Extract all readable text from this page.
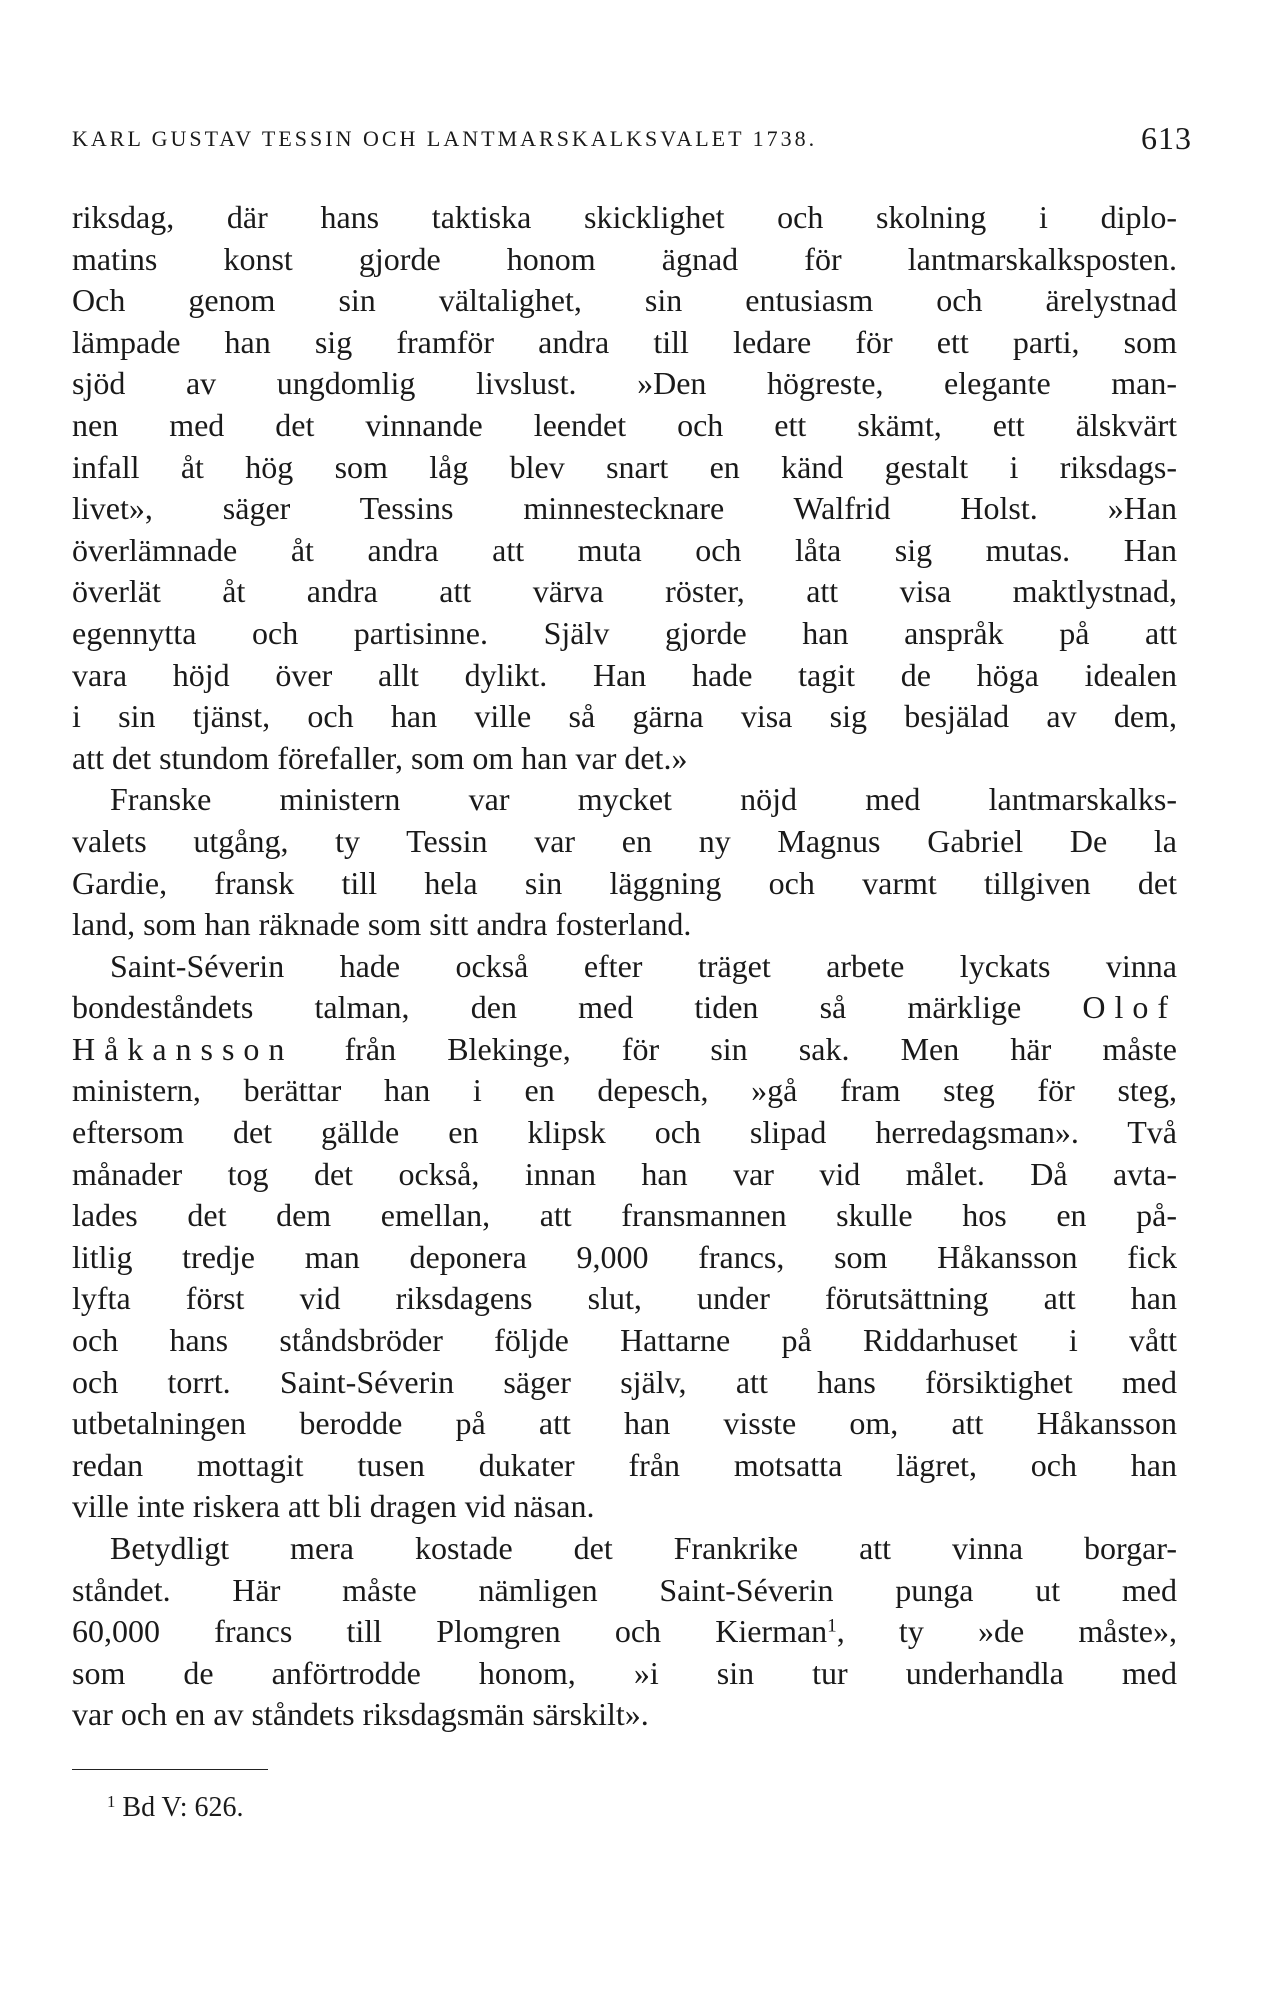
KARL GUSTAV TESSIN OCH LANTMARSKALKSVALET 1738.	613
riksdag, där hans taktiska skicklighet och skolning i diplo-
matins konst gjorde honom ägnad för lantmarskalksposten.
Och genom sin vältalighet, sin entusiasm och ärelystnad
lämpade han sig framför andra till ledare för ett parti, som
sjöd av ungdomlig livslust. »Den högreste, elegante man-
nen med det vinnande leendet och ett skämt, ett älskvärt
infall åt hög som låg blev snart en känd gestalt i riksdags-
livet», säger Tessins minnestecknare Walfrid Holst. »Han
överlämnade åt andra att muta och låta sig mutas. Han
överlät åt andra att värva röster, att visa maktlystnad,
egennytta och partisinne. Själv gjorde han anspråk på att
vara höjd över allt dylikt. Han hade tagit de höga idealen
i sin tjänst, och han ville så gärna visa sig besjälad av dem,
att det stundom förefaller, som om han var det.»
Franske ministern var mycket nöjd med lantmarskalks-
valets utgång, ty Tessin var en ny Magnus Gabriel De la
Gardie, fransk till hela sin läggning och varmt tillgiven det
land, som han räknade som sitt andra fosterland.
Saint-Séverin hade också efter träget arbete lyckats vinna
bondeståndets talman, den med tiden så märklige Olof
Håkansson från Blekinge, för sin sak. Men här måste
ministern, berättar han i en depesch, »gå fram steg för steg,
eftersom det gällde en klipsk och slipad herredagsman». Två
månader tog det också, innan han var vid målet. Då avta-
lades det dem emellan, att fransmannen skulle hos en på-
litlig tredje man deponera 9,000 francs, som Håkansson fick
lyfta först vid riksdagens slut, under förutsättning att han
och hans ståndsbröder följde Hattarne på Riddarhuset i vått
och torrt. Saint-Séverin säger själv, att hans försiktighet med
utbetalningen berodde på att han visste om, att Håkansson
redan mottagit tusen dukater från motsatta lägret, och han
ville inte riskera att bli dragen vid näsan.
Betydligt mera kostade det Frankrike att vinna borgar-
ståndet. Här måste nämligen Saint-Séverin punga ut med
60,000 francs till Plomgren och Kierman$^1$, ty »de måste»,
som de anförtrodde honom, »i sin tur underhandla med
var och en av ståndets riksdagsmän särskilt».
$^1$ Bd V: 626.
